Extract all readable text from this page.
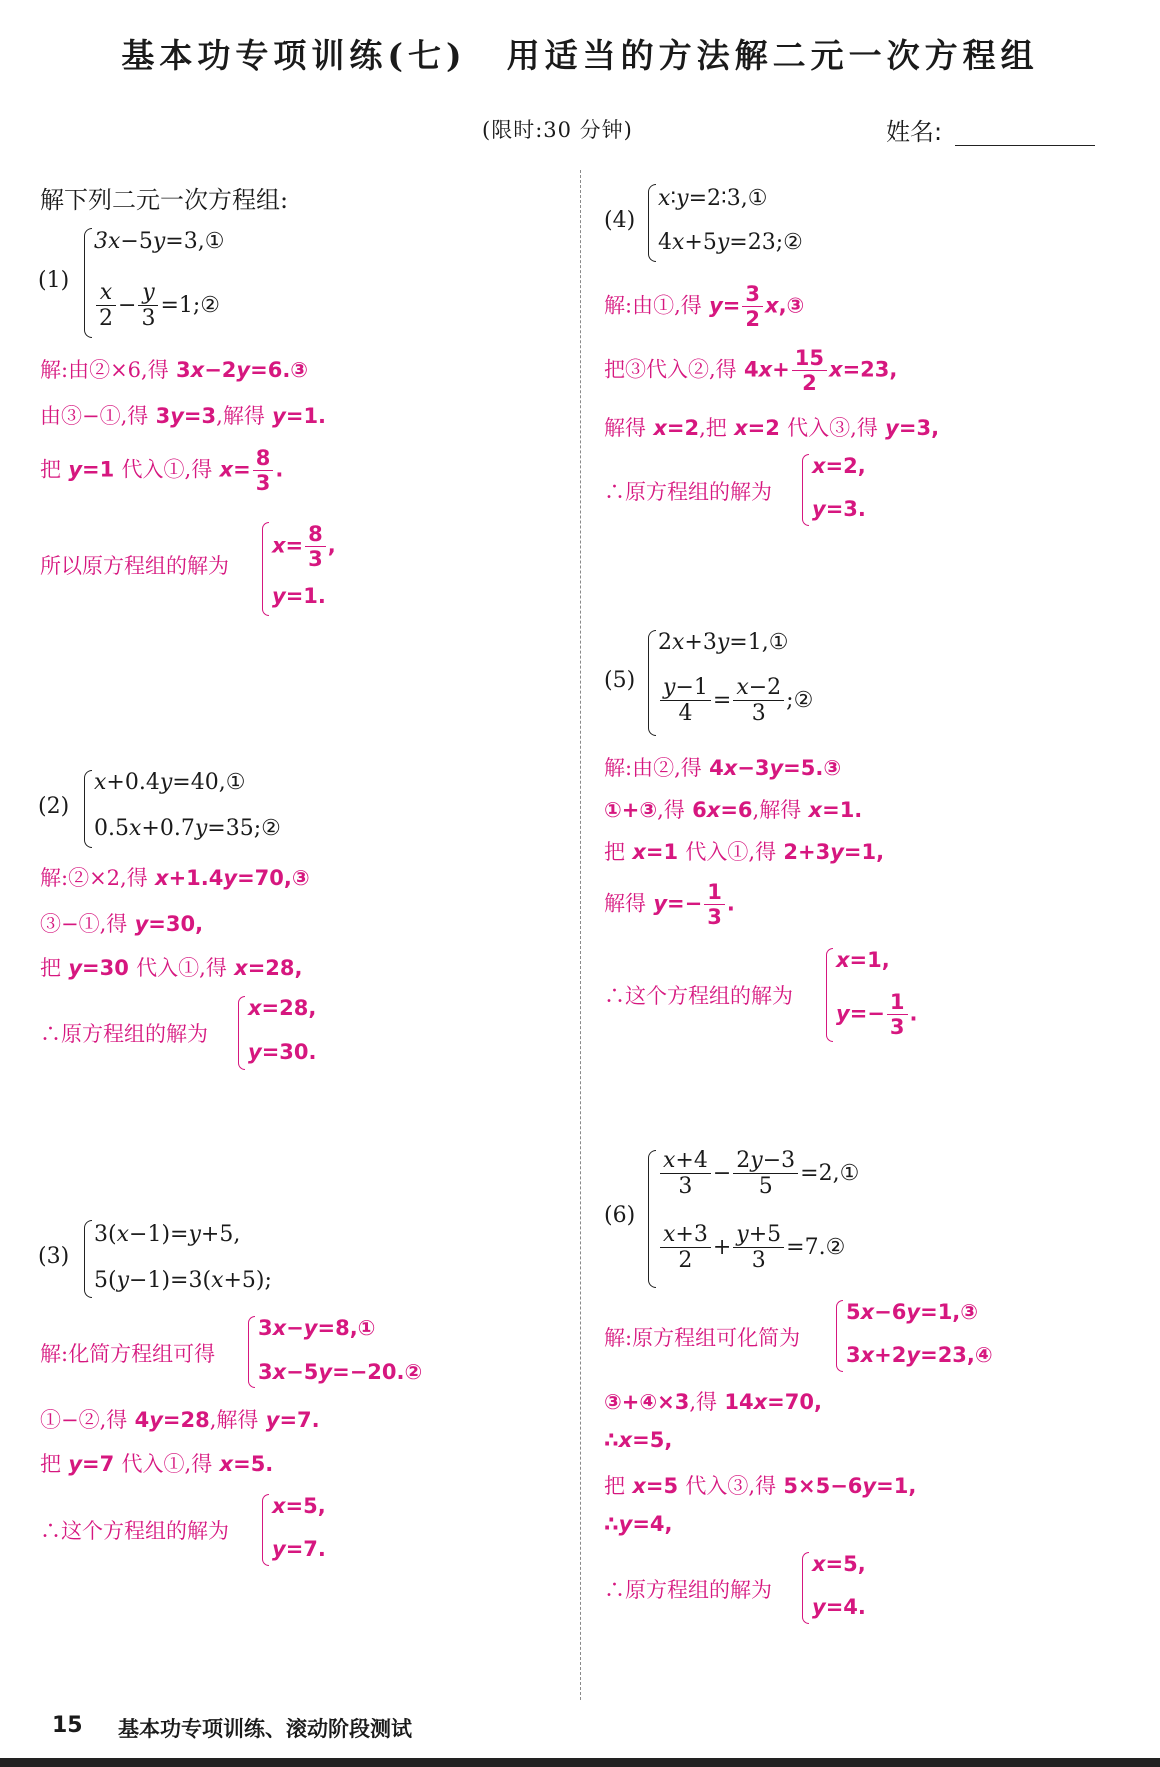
基本功专项训练(七) 用适当的方法解二元一次方程组
(限时:30 分钟)	姓名:
解下列二元一次方程组:
(1)
3x−5y=3,①
$\frac{x}{2} - \frac{y}{3}$ =1;②
解:由②×6,得 3x−2y=6.③
由③−①,得 3y=3,解得 y=1.
把 y=1 代入①,得 $x= \frac{8}{3}$ .
所以原方程组的解为
$x= \frac{8}{3}$ ,
y=1.
(2)
x+0.4y=40,①
0.5x+0.7y=35;②
解:②×2,得 x+1.4y=70,③
③−①,得 y=30,
把 y=30 代入①,得 x=28,
∴原方程组的解为
x=28,
y=30.
(3)
3(x−1)=y+5,
5(y−1)=3(x+5);
解:化简方程组可得
3x−y=8,①
3x−5y=−20.②
①−②,得 4y=28,解得 y=7.
把 y=7 代入①,得 x=5.
∴这个方程组的解为
x=5,
y=7.
(4)
x∶y=2∶3,①
4x+5y=23;②
解:由①,得 $y= \frac{3}{2}$ x,③
把③代入②,得 $4x+ \frac{15}{2} x=23$,
解得 x=2,把 x=2 代入③,得 y=3,
∴原方程组的解为
x=2,
y=3.
(5)
2x+3y=1,①
$\frac{y-1}{4} = \frac{x-2}{3}$ ;②
解:由②,得 4x−3y=5.③
①+③,得 6x=6,解得 x=1.
把 x=1 代入①,得 2+3y=1,
解得 $y=- \frac{1}{3}$ .
∴这个方程组的解为
x=1,
$y=- \frac{1}{3}$ .
(6)
$\frac{x+4}{3} - \frac{2y-3}{5}$ =2,①
$\frac{x+3}{2} + \frac{y+5}{3}$ =7.②
解:原方程组可化简为
5x−6y=1,③
3x+2y=23,④
③+④×3,得 14x=70,
∴x=5,
把 x=5 代入③,得 5×5−6y=1,
∴y=4,
∴原方程组的解为
x=5,
y=4.
15 基本功专项训练、滚动阶段测试
